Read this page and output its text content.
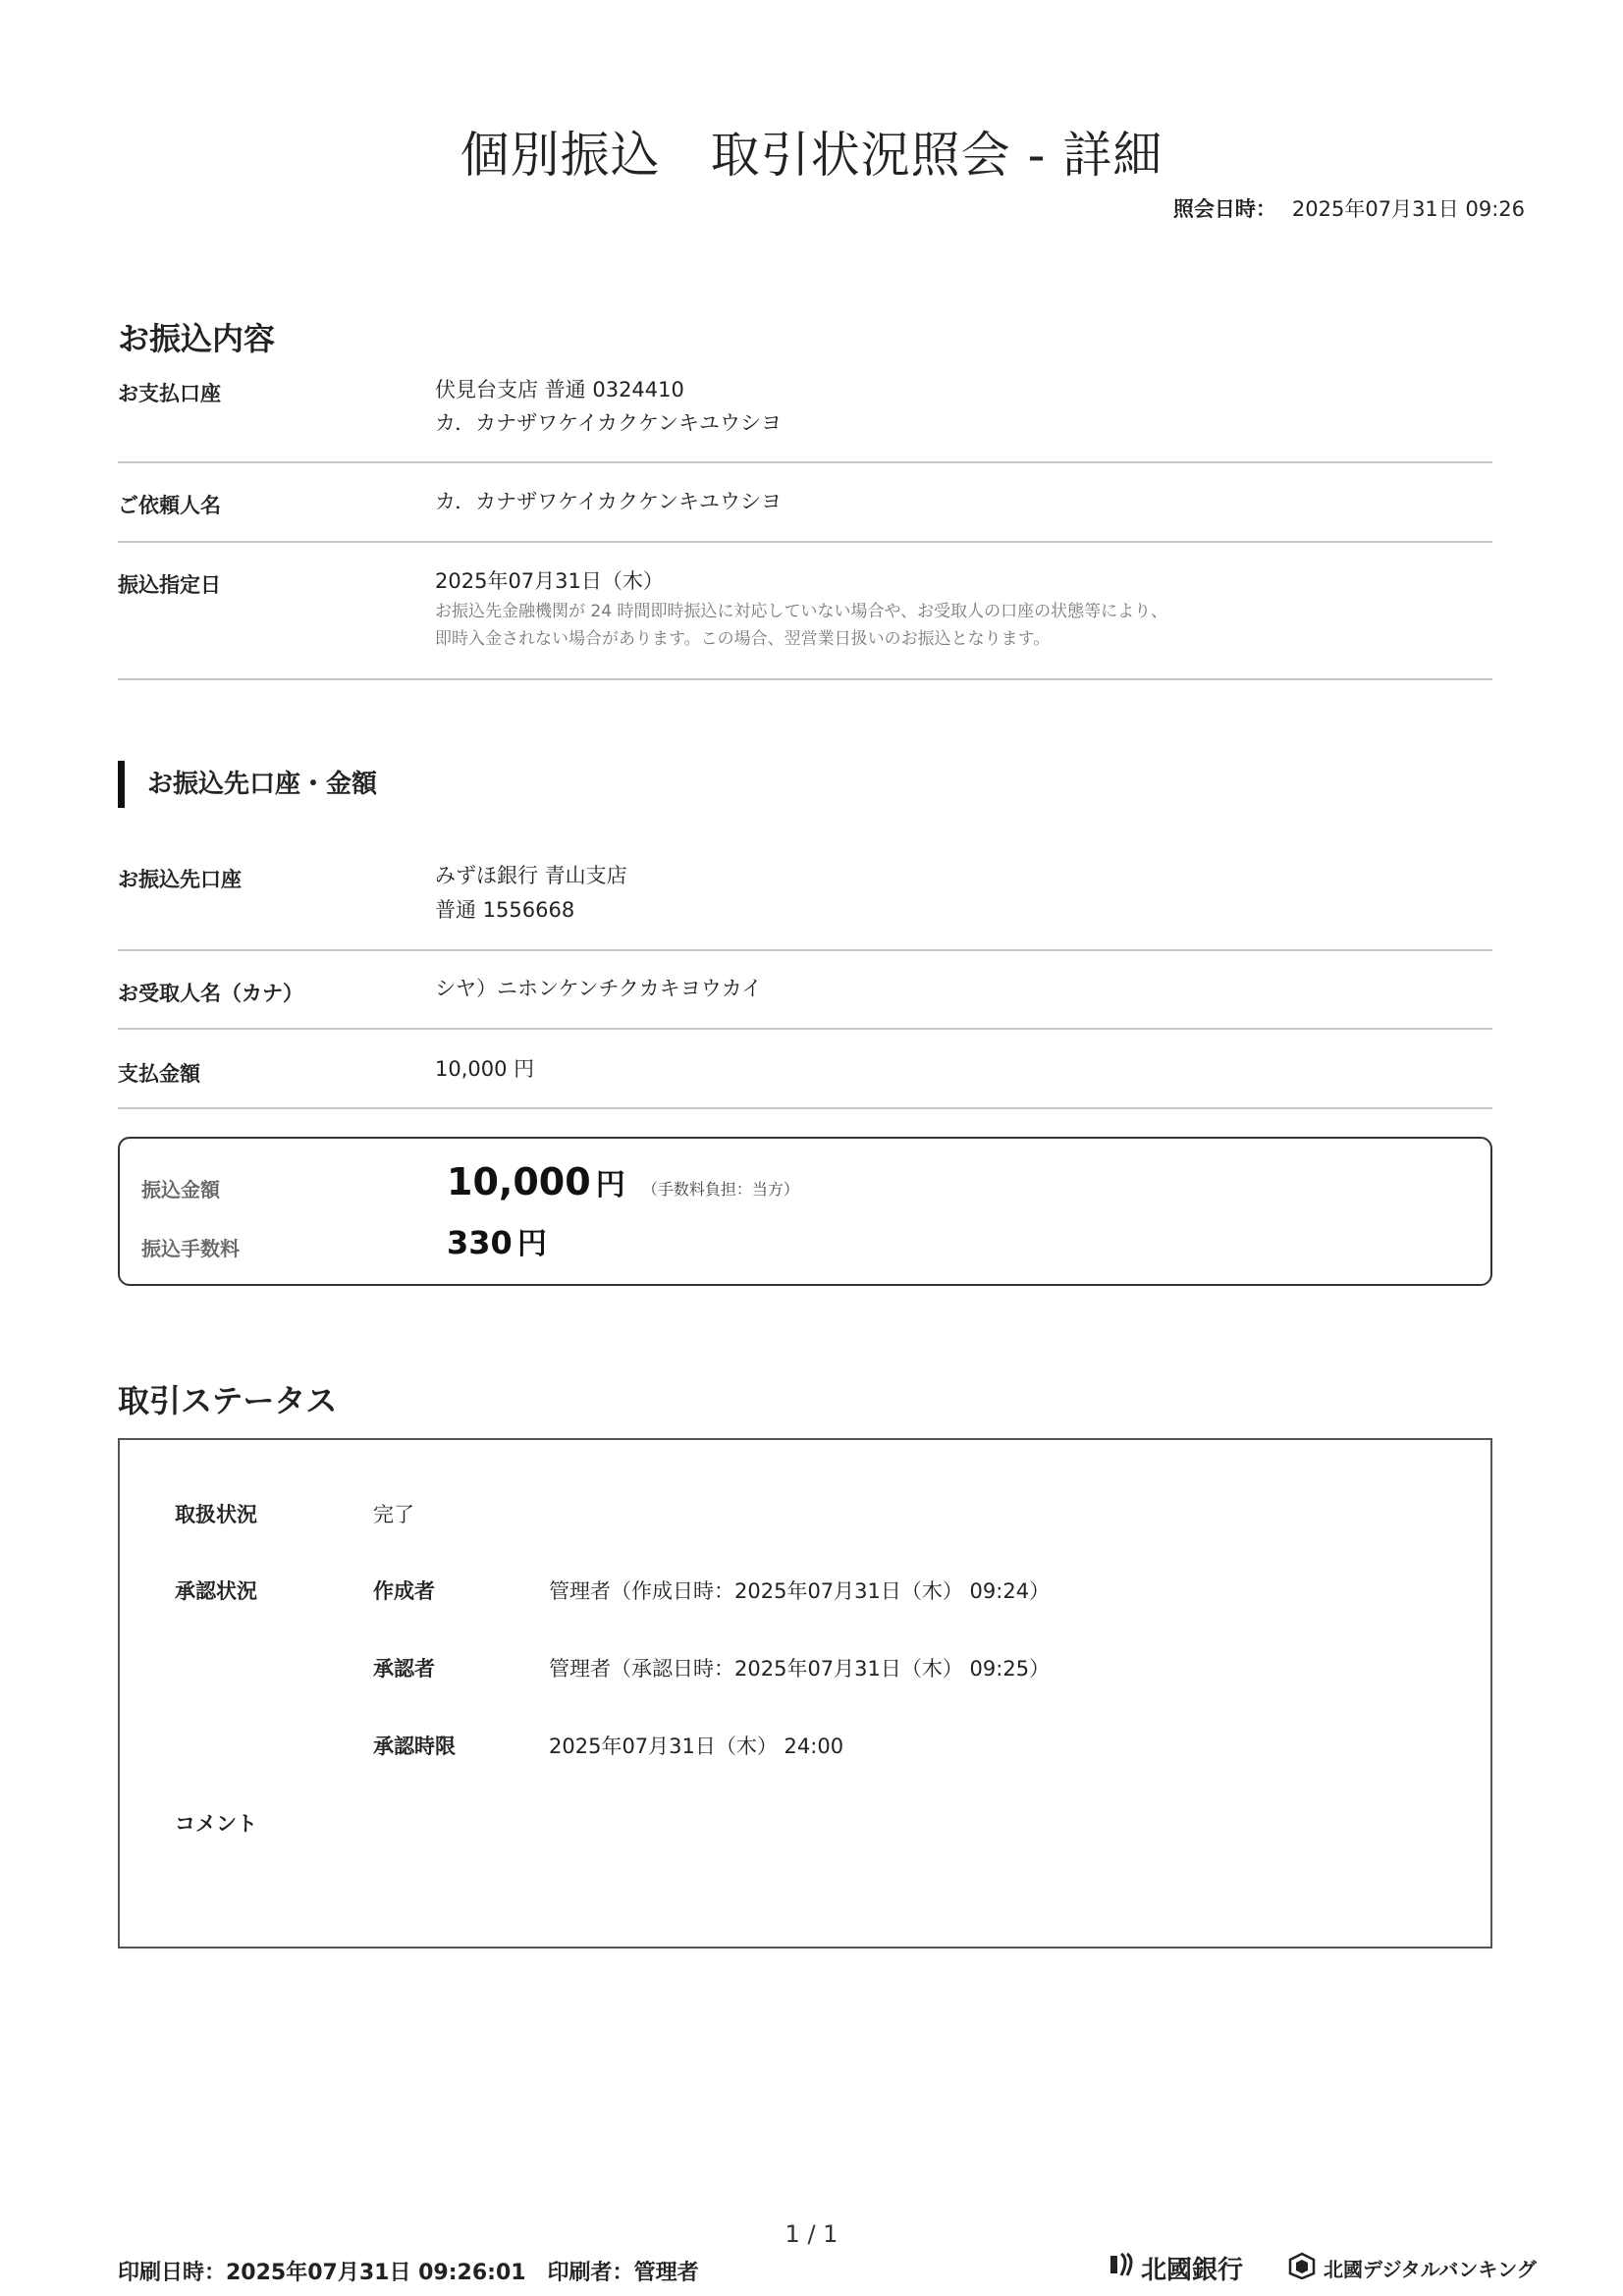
個別振込　取引状況照会 - 詳細
照会日時： 2025年07月31日 09:26
お振込内容
お支払口座	伏見台支店 普通 0324410
カ．カナザワケイカクケンキユウシヨ
ご依頼人名	カ．カナザワケイカクケンキユウシヨ
振込指定日	2025年07月31日（木）
お振込先金融機関が 24 時間即時振込に対応していない場合や、お受取人の口座の状態等により、
即時入金されない場合があります。この場合、翌営業日扱いのお振込となります。
お振込先口座・金額
お振込先口座	みずほ銀行 青山支店
普通 1556668
お受取人名（カナ）	シヤ）ニホンケンチクカキヨウカイ
支払金額	10,000 円
振込金額	10,000 円 （手数料負担：当方）
振込手数料	330 円
取引ステータス
取扱状況	完了
承認状況	作成者	管理者（作成日時：2025年07月31日（木） 09:24）
承認者	管理者（承認日時：2025年07月31日（木） 09:25）
承認時限	2025年07月31日（木） 24:00
コメント
1 / 1
印刷日時：2025年07月31日 09:26:01　印刷者：管理者	北國銀行	北國デジタルバンキング
